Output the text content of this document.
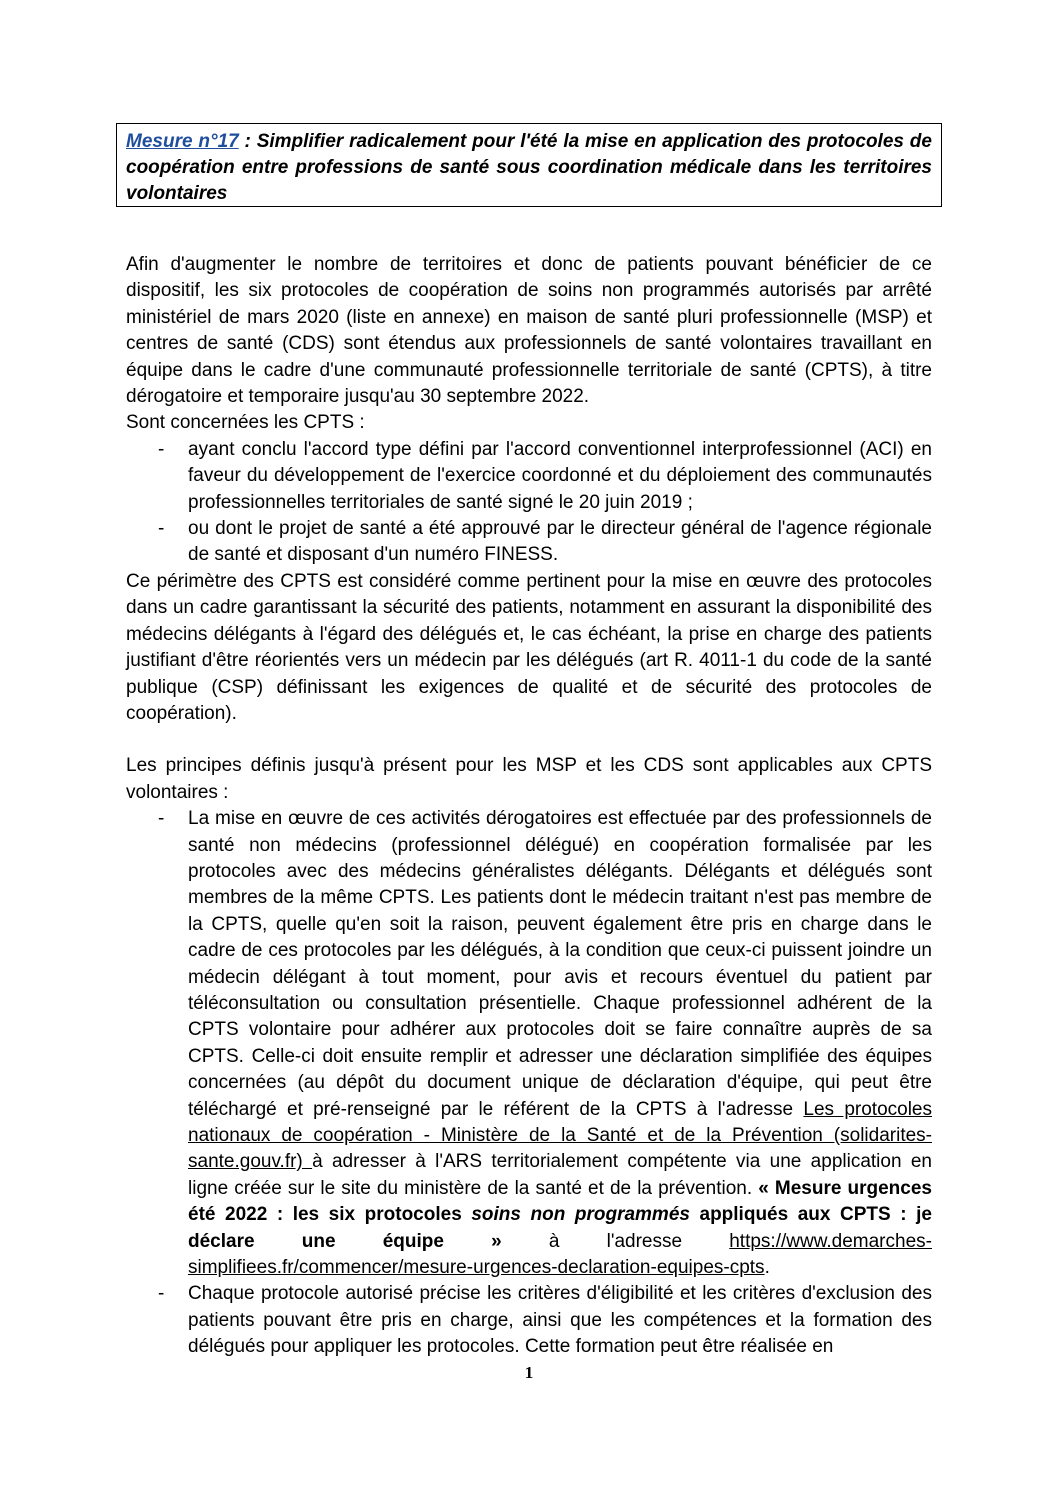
Mesure n°17 : Simplifier radicalement pour l'été la mise en application des protocoles de coopération entre professions de santé sous coordination médicale dans les territoires volontaires

Afin d'augmenter le nombre de territoires et donc de patients pouvant bénéficier de ce dispositif, les six protocoles de coopération de soins non programmés autorisés par arrêté ministériel de mars 2020 (liste en annexe) en maison de santé pluri professionnelle (MSP) et centres de santé (CDS) sont étendus aux professionnels de santé volontaires travaillant en équipe dans le cadre d'une communauté professionnelle territoriale de santé (CPTS), à titre dérogatoire et temporaire jusqu'au 30 septembre 2022.

Sont concernées les CPTS :

- ayant conclu l'accord type défini par l'accord conventionnel interprofessionnel (ACI) en faveur du développement de l'exercice coordonné et du déploiement des communautés professionnelles territoriales de santé signé le 20 juin 2019 ;
- ou dont le projet de santé a été approuvé par le directeur général de l'agence régionale de santé et disposant d'un numéro FINESS.

Ce périmètre des CPTS est considéré comme pertinent pour la mise en œuvre des protocoles dans un cadre garantissant la sécurité des patients, notamment en assurant la disponibilité des médecins délégants à l'égard des délégués et, le cas échéant, la prise en charge des patients justifiant d'être réorientés vers un médecin par les délégués (art R. 4011-1 du code de la santé publique (CSP) définissant les exigences de qualité et de sécurité des protocoles de coopération).

Les principes définis jusqu'à présent pour les MSP et les CDS sont applicables aux CPTS volontaires :

- La mise en œuvre de ces activités dérogatoires est effectuée par des professionnels de santé non médecins (professionnel délégué) en coopération formalisée par les protocoles avec des médecins généralistes délégants. Délégants et délégués sont membres de la même CPTS. Les patients dont le médecin traitant n'est pas membre de la CPTS, quelle qu'en soit la raison, peuvent également être pris en charge dans le cadre de ces protocoles par les délégués, à la condition que ceux-ci puissent joindre un médecin délégant à tout moment, pour avis et recours éventuel du patient par téléconsultation ou consultation présentielle. Chaque professionnel adhérent de la CPTS volontaire pour adhérer aux protocoles doit se faire connaître auprès de sa CPTS. Celle-ci doit ensuite remplir et adresser une déclaration simplifiée des équipes concernées (au dépôt du document unique de déclaration d'équipe, qui peut être téléchargé et pré-renseigné par le référent de la CPTS à l'adresse Les protocoles nationaux de coopération - Ministère de la Santé et de la Prévention (solidarites-sante.gouv.fr) à adresser à l'ARS territorialement compétente via une application en ligne créée sur le site du ministère de la santé et de la prévention. « Mesure urgences été 2022 : les six protocoles soins non programmés appliqués aux CPTS : je déclare une équipe » à l'adresse https://www.demarches-simplifiees.fr/commencer/mesure-urgences-declaration-equipes-cpts.
- Chaque protocole autorisé précise les critères d'éligibilité et les critères d'exclusion des patients pouvant être pris en charge, ainsi que les compétences et la formation des délégués pour appliquer les protocoles. Cette formation peut être réalisée en
1
